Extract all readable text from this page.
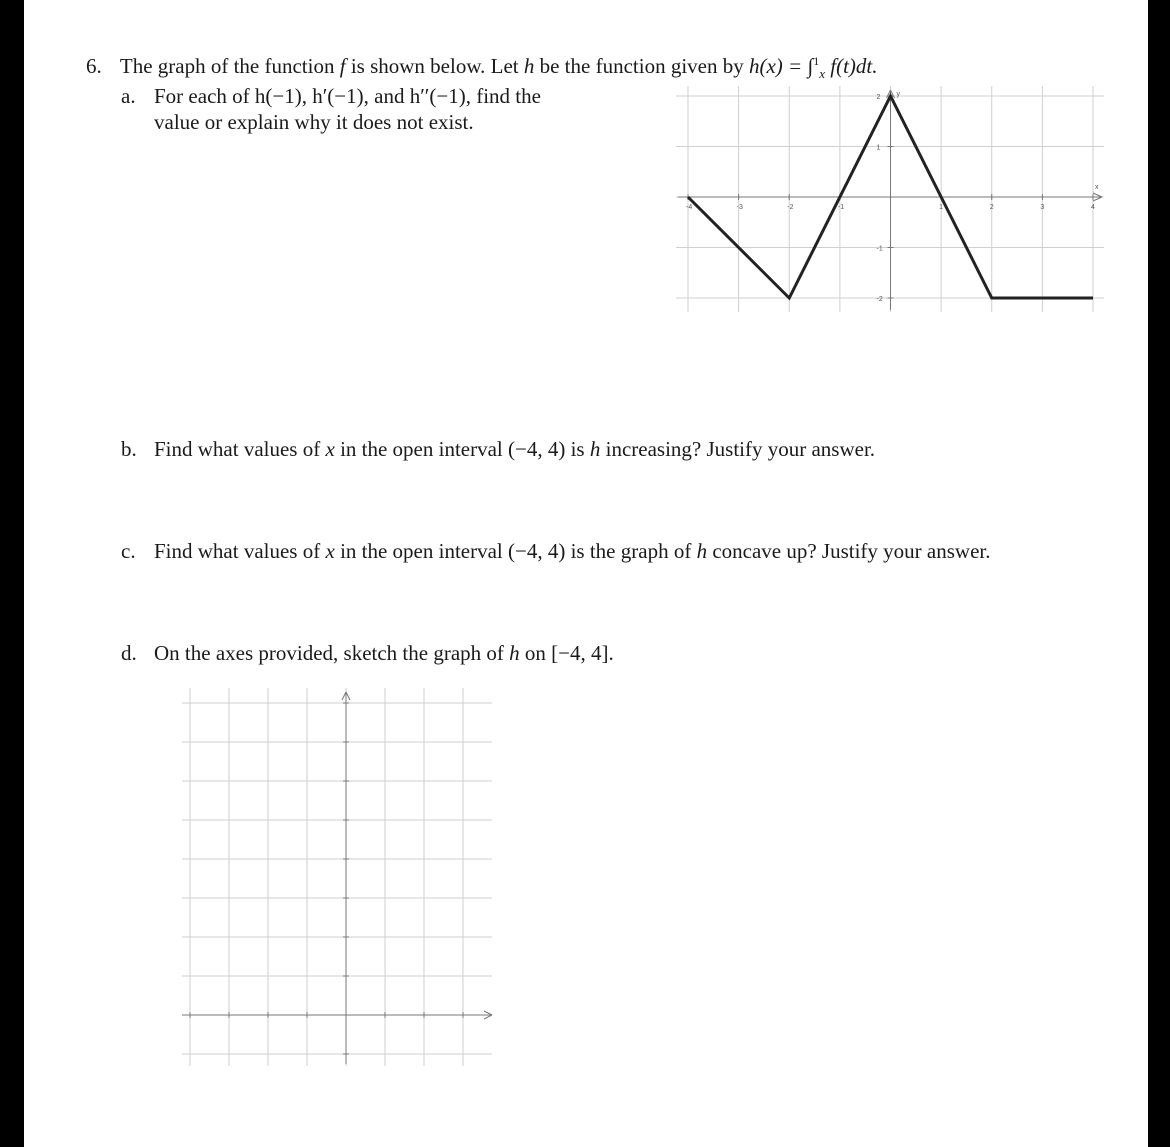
6. The graph of the function f is shown below. Let h be the function given by h(x) = ∫$^1_x$ f(t)dt.
a. For each of h(−1), h′(−1), and h′′(−1), find the
value or explain why it does not exist.
-4	-3	-2	-1	1	2	3	4
2
1
-1
-2
x
y
b. Find what values of x in the open interval (−4, 4) is h increasing? Justify your answer.
c. Find what values of x in the open interval (−4, 4) is the graph of h concave up? Justify your answer.
d. On the axes provided, sketch the graph of h on [−4, 4].
